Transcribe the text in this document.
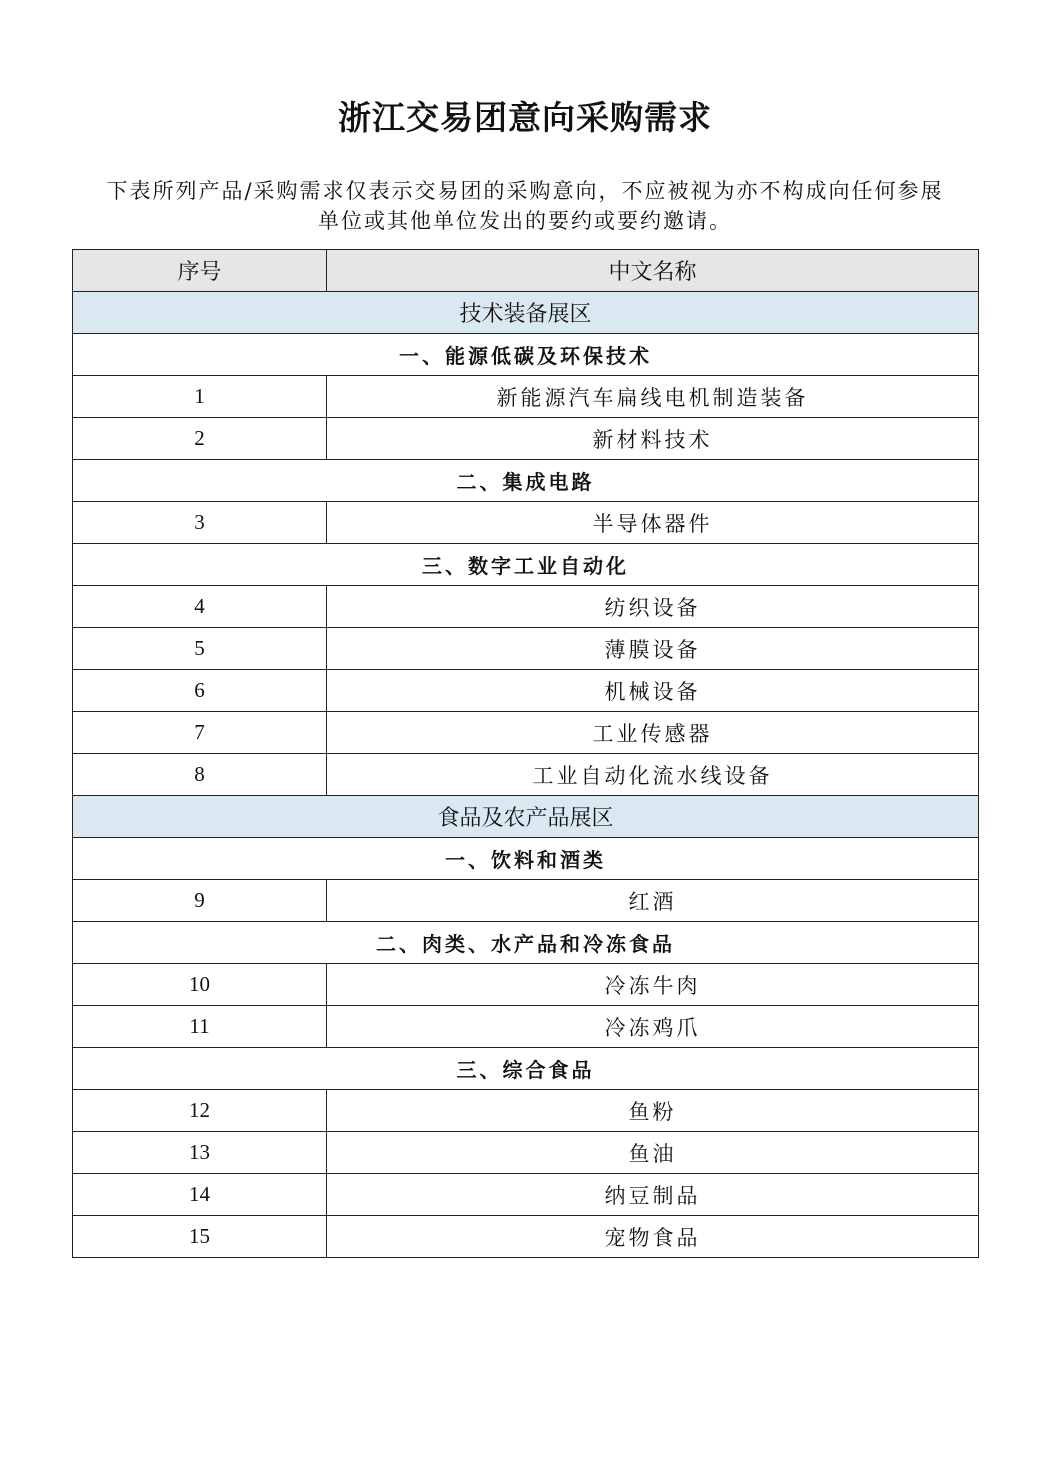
浙江交易团意向采购需求

下表所列产品/采购需求仅表示交易团的采购意向，不应被视为亦不构成向任何参展
单位或其他单位发出的要约或要约邀请。

序号	中文名称
技术装备展区	
一、能源低碳及环保技术	
1	新能源汽车扁线电机制造装备
2	新材料技术
二、集成电路	
3	半导体器件
三、数字工业自动化	
4	纺织设备
5	薄膜设备
6	机械设备
7	工业传感器
8	工业自动化流水线设备
食品及农产品展区	
一、饮料和酒类	
9	红酒
二、肉类、水产品和冷冻食品	
10	冷冻牛肉
11	冷冻鸡爪
三、综合食品	
12	鱼粉
13	鱼油
14	纳豆制品
15	宠物食品
